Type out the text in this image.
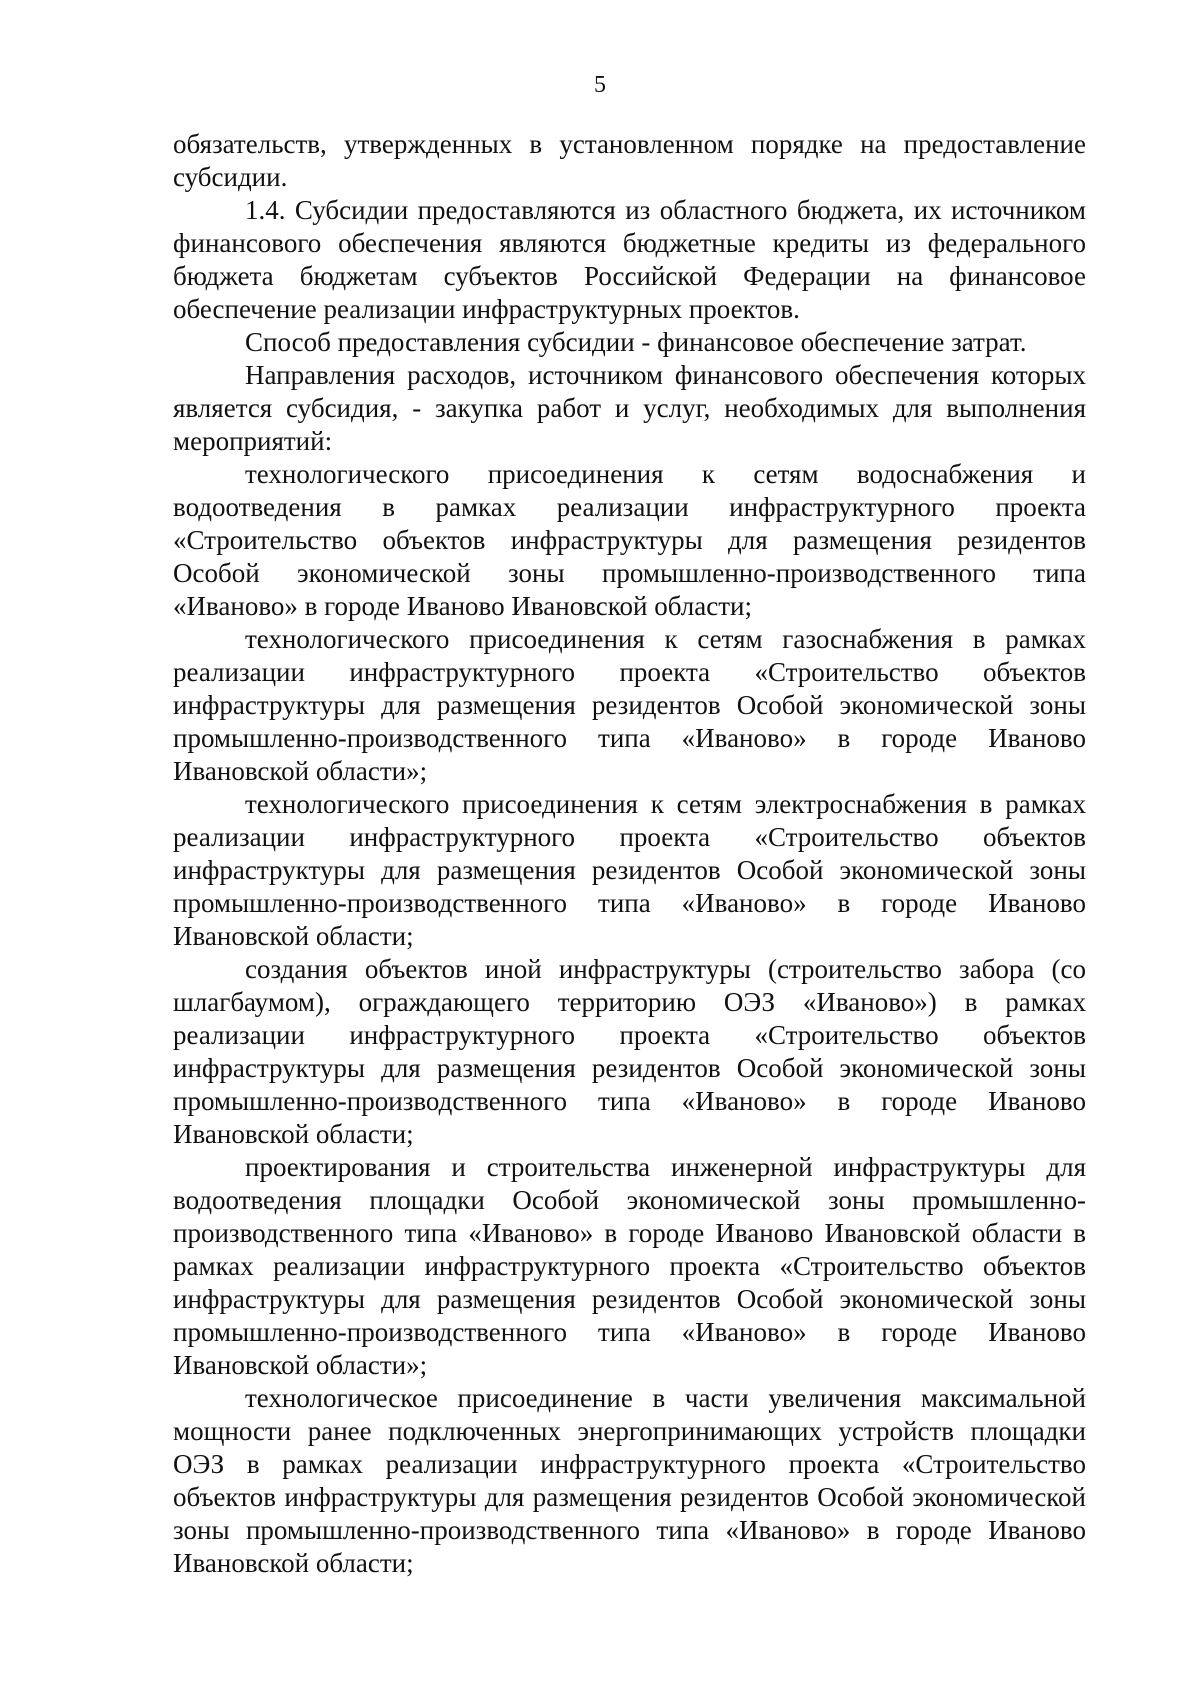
5

обязательств, утвержденных в установленном порядке на предоставление субсидии.

1.4. Субсидии предоставляются из областного бюджета, их источником финансового обеспечения являются бюджетные кредиты из федерального бюджета бюджетам субъектов Российской Федерации на финансовое обеспечение реализации инфраструктурных проектов.

Способ предоставления субсидии - финансовое обеспечение затрат.

Направления расходов, источником финансового обеспечения которых является субсидия, - закупка работ и услуг, необходимых для выполнения мероприятий:

технологического присоединения к сетям водоснабжения и водоотведения в рамках реализации инфраструктурного проекта «Строительство объектов инфраструктуры для размещения резидентов Особой экономической зоны промышленно-производственного типа «Иваново» в городе Иваново Ивановской области;

технологического присоединения к сетям газоснабжения в рамках реализации инфраструктурного проекта «Строительство объектов инфраструктуры для размещения резидентов Особой экономической зоны промышленно-производственного типа «Иваново» в городе Иваново Ивановской области»;

технологического присоединения к сетям электроснабжения в рамках реализации инфраструктурного проекта «Строительство объектов инфраструктуры для размещения резидентов Особой экономической зоны промышленно-производственного типа «Иваново» в городе Иваново Ивановской области;

создания объектов иной инфраструктуры (строительство забора (со шлагбаумом), ограждающего территорию ОЭЗ «Иваново») в рамках реализации инфраструктурного проекта «Строительство объектов инфраструктуры для размещения резидентов Особой экономической зоны промышленно-производственного типа «Иваново» в городе Иваново Ивановской области;

проектирования и строительства инженерной инфраструктуры для водоотведения площадки Особой экономической зоны промышленно-производственного типа «Иваново» в городе Иваново Ивановской области в рамках реализации инфраструктурного проекта «Строительство объектов инфраструктуры для размещения резидентов Особой экономической зоны промышленно-производственного типа «Иваново» в городе Иваново Ивановской области»;

технологическое присоединение в части увеличения максимальной мощности ранее подключенных энергопринимающих устройств площадки ОЭЗ в рамках реализации инфраструктурного проекта «Строительство объектов инфраструктуры для размещения резидентов Особой экономической зоны промышленно-производственного типа «Иваново» в городе Иваново Ивановской области;
